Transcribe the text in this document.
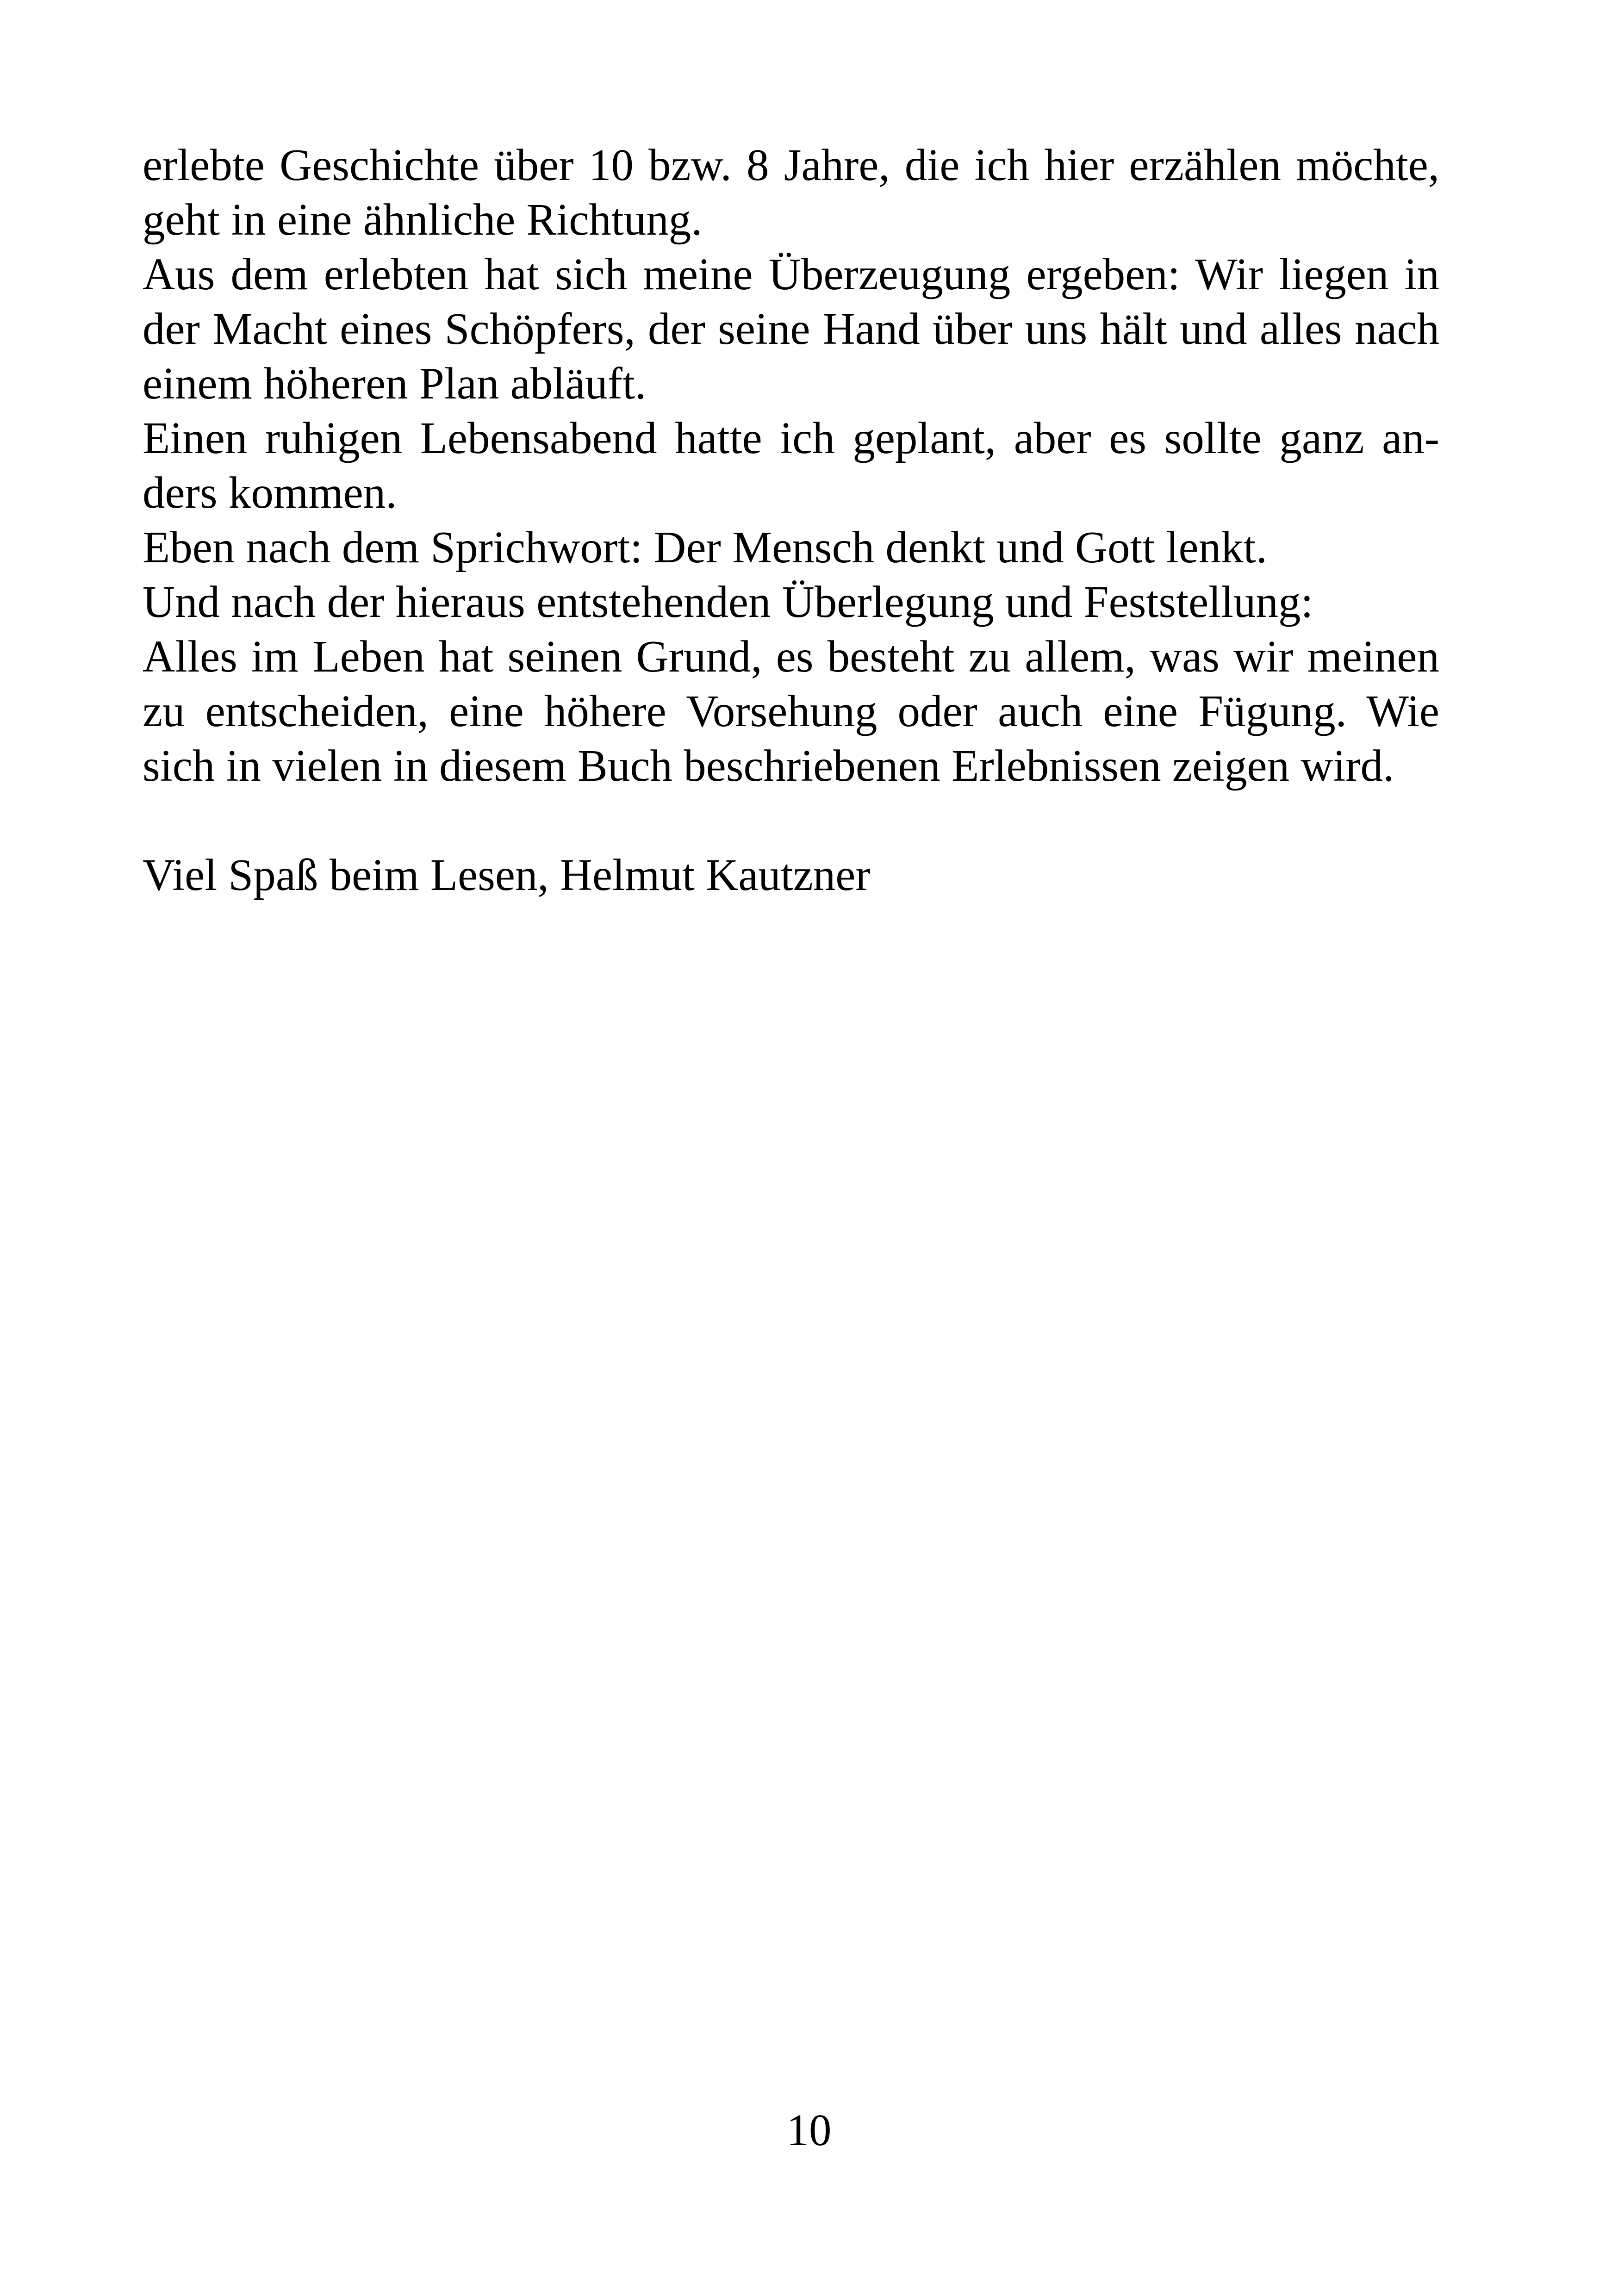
erlebte Geschichte über 10 bzw. 8 Jahre, die ich hier erzählen möchte,
geht in eine ähnliche Richtung.
Aus dem erlebten hat sich meine Überzeugung ergeben: Wir liegen in
der Macht eines Schöpfers, der seine Hand über uns hält und alles nach
einem höheren Plan abläuft.
Einen ruhigen Lebensabend hatte ich geplant, aber es sollte ganz an-
ders kommen.
Eben nach dem Sprichwort: Der Mensch denkt und Gott lenkt.
Und nach der hieraus entstehenden Überlegung und Feststellung:
Alles im Leben hat seinen Grund, es besteht zu allem, was wir meinen
zu entscheiden, eine höhere Vorsehung oder auch eine Fügung. Wie
sich in vielen in diesem Buch beschriebenen Erlebnissen zeigen wird.
Viel Spaß beim Lesen, Helmut Kautzner
10
